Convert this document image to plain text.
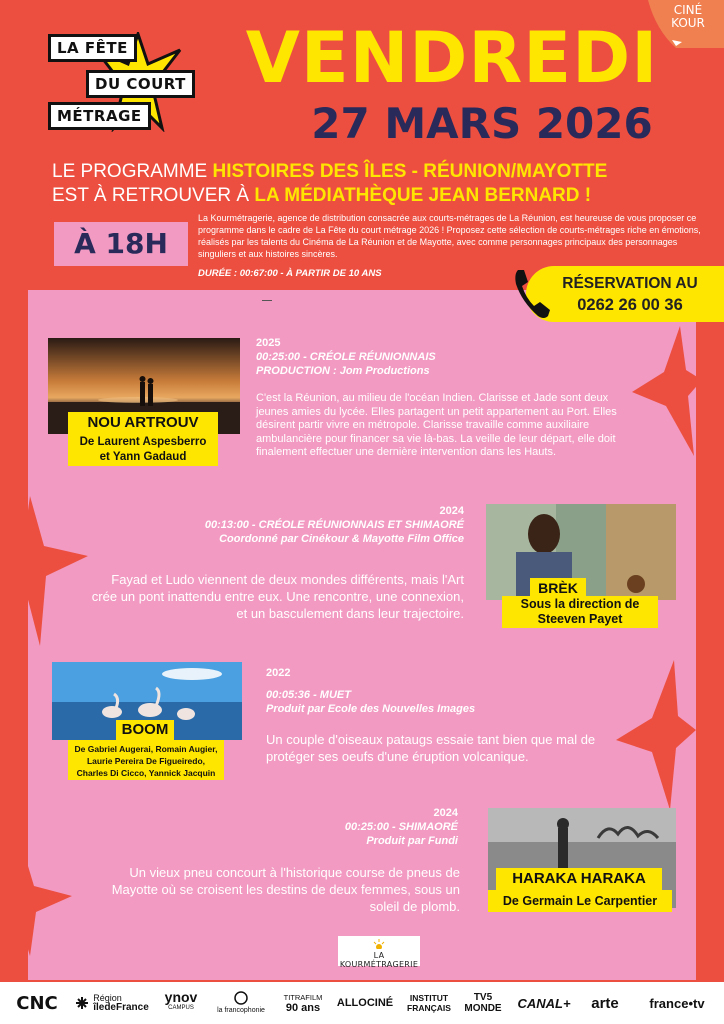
LA FÊTE
DU COURT
MÉTRAGE
CINÉ
KOUR
VENDREDI
27 MARS 2026
LE PROGRAMME HISTOIRES DES ÎLES - RÉUNION/MAYOTTE
EST À RETROUVER À LA MÉDIATHÈQUE JEAN BERNARD !
À 18H

La Kourmétragerie, agence de distribution consacrée aux courts-métrages de La Réunion, est heureuse de vous proposer ce programme dans le cadre de La Fête du court métrage 2026 ! Proposez cette sélection de courts-métrages riche en émotions, réalisés par les talents du Cinéma de La Réunion et de Mayotte, avec comme personnages principaux des personnages singuliers et aux histoires sincères.

DURÉE : 00:67:00 - À PARTIR DE 10 ANS
RÉSERVATION AU
0262 26 00 36
NOU ARTROUV
De Laurent Aspesberro
et Yann Gadaud
2025
00:25:00 - CRÉOLE RÉUNIONNAIS
PRODUCTION : Jom Productions

C'est la Réunion, au milieu de l'océan Indien. Clarisse et Jade sont deux jeunes amies du lycée. Elles partagent un petit appartement au Port. Elles désirent partir vivre en métropole. Clarisse travaille comme auxiliaire ambulancière pour financer sa vie là-bas. La veille de leur départ, elle doit finalement effectuer une dernière intervention dans les Hauts.

2024
00:13:00 - CRÉOLE RÉUNIONNAIS ET SHIMAORÉ
Coordonné par Cinékour & Mayotte Film Office

Fayad et Ludo viennent de deux mondes différents, mais l'Art crée un pont inattendu entre eux. Une rencontre, une connexion, et un basculement dans leur trajectoire.

BRÈK
Sous la direction de
Steeven Payet
BOOM
De Gabriel Augerai, Romain Augier,
Laurie Pereira De Figueiredo,
Charles Di Cicco, Yannick Jacquin
2022
00:05:36 - MUET
Produit par Ecole des Nouvelles Images

Un couple d'oiseaux pataugs essaie tant bien que mal de protéger ses oeufs d'une éruption volcanique.

2024
00:25:00 - SHIMAORÉ
Produit par Fundi

Un vieux pneu concourt à l'historique course de pneus de Mayotte où se croisent les destins de deux femmes, sous un soleil de plomb.

HARAKA HARAKA
De Germain Le Carpentier
LA KOURMÉTRAGERIE
CNC	Région
îledeFrance
ynov
CAMPUS	la francophonie
TITRAFILM
90 ans ALLOCINÉ	INSTITUT
FRANÇAIS
TV5
MONDE CANAL+	arte	france•tv
